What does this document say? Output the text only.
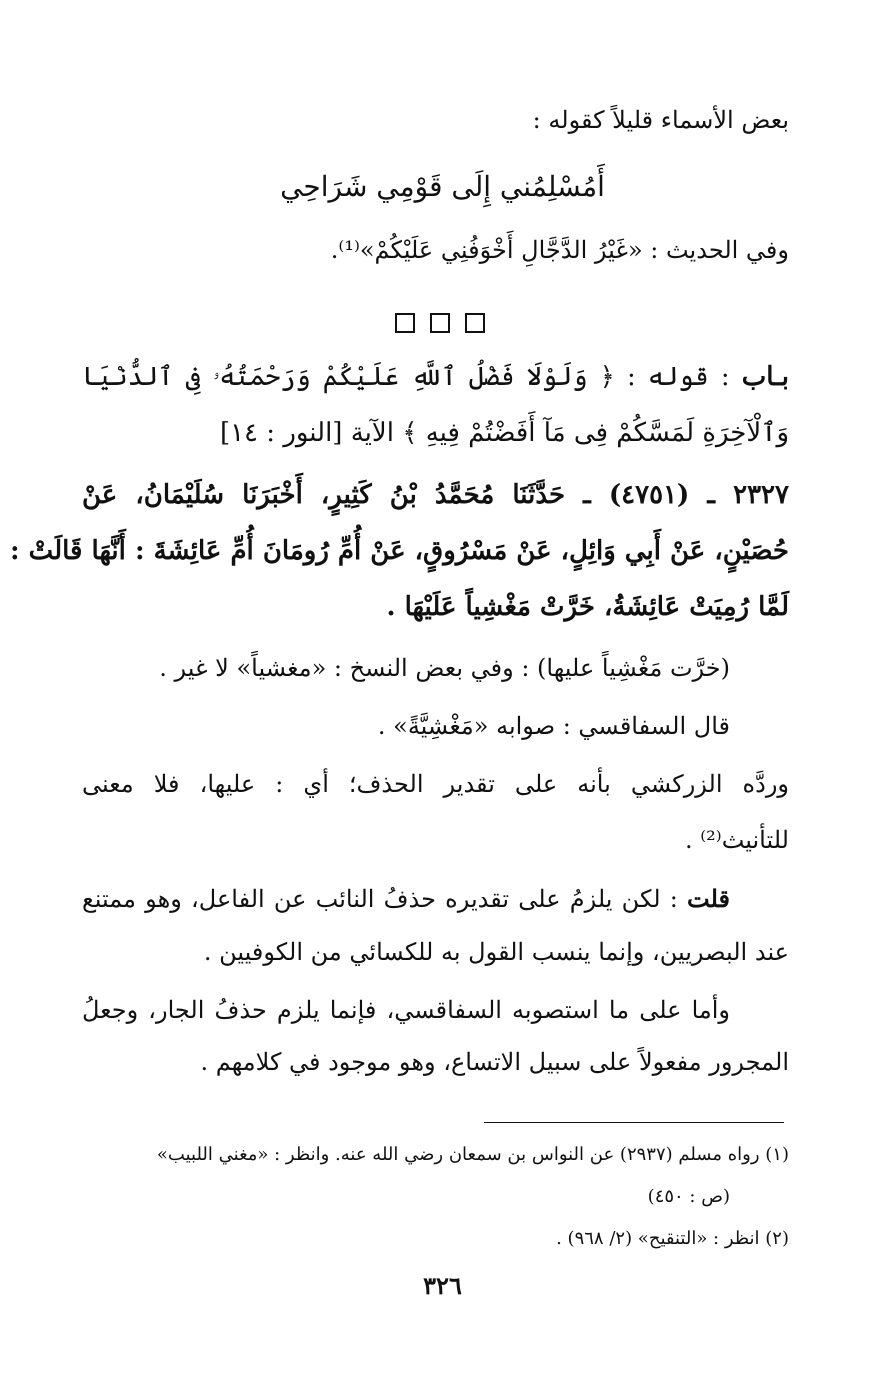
بعض الأسماء قليلاً كقوله :
أَمُسْلِمُني إِلَى قَوْمِي شَرَاحِي
وفي الحديث : «غَيْرُ الدَّجَّالِ أَخْوَفُنِي عَلَيْكُمْ»⁽¹⁾.
بـاب : قوله : ﴿ وَلَوْلَا فَضْلُ ٱللَّهِ عَلَيْكُمْ وَرَحْمَتُهُۥ فِى ٱلدُّنْيَا
وَٱلْآخِرَةِ لَمَسَّكُمْ فِى مَآ أَفَضْتُمْ فِيهِ ﴾ الآية [النور : ١٤]
٢٣٢٧ ـ (٤٧٥١) ـ حَدَّثَنَا مُحَمَّدُ بْنُ كَثِيرٍ، أَخْبَرَنَا سُلَيْمَانُ، عَنْ
حُصَيْنٍ، عَنْ أَبِي وَائِلٍ، عَنْ مَسْرُوقٍ، عَنْ أُمِّ رُومَانَ أُمِّ عَائِشَةَ : أَنَّهَا قَالَتْ :
لَمَّا رُمِيَتْ عَائِشَةُ، خَرَّتْ مَغْشِياً عَلَيْهَا .
(خرَّت مَغْشِياً عليها) : وفي بعض النسخ : «مغشياً» لا غير .
قال السفاقسي : صوابه «مَغْشِيَّةً» .
وردَّه الزركشي بأنه على تقدير الحذف؛ أي : عليها، فلا معنى
للتأنيث⁽²⁾ .
قلت : لكن يلزمُ على تقديره حذفُ النائب عن الفاعل، وهو ممتنع
عند البصريين، وإنما ينسب القول به للكسائي من الكوفيين .
وأما على ما استصوبه السفاقسي، فإنما يلزم حذفُ الجار، وجعلُ
المجرور مفعولاً على سبيل الاتساع، وهو موجود في كلامهم .
(١) رواه مسلم (٢٩٣٧) عن النواس بن سمعان رضي الله عنه. وانظر : «مغني اللبيب»
(ص : ٤٥٠)
(٢) انظر : «التنقيح» (٢/ ٩٦٨) .
٣٢٦
